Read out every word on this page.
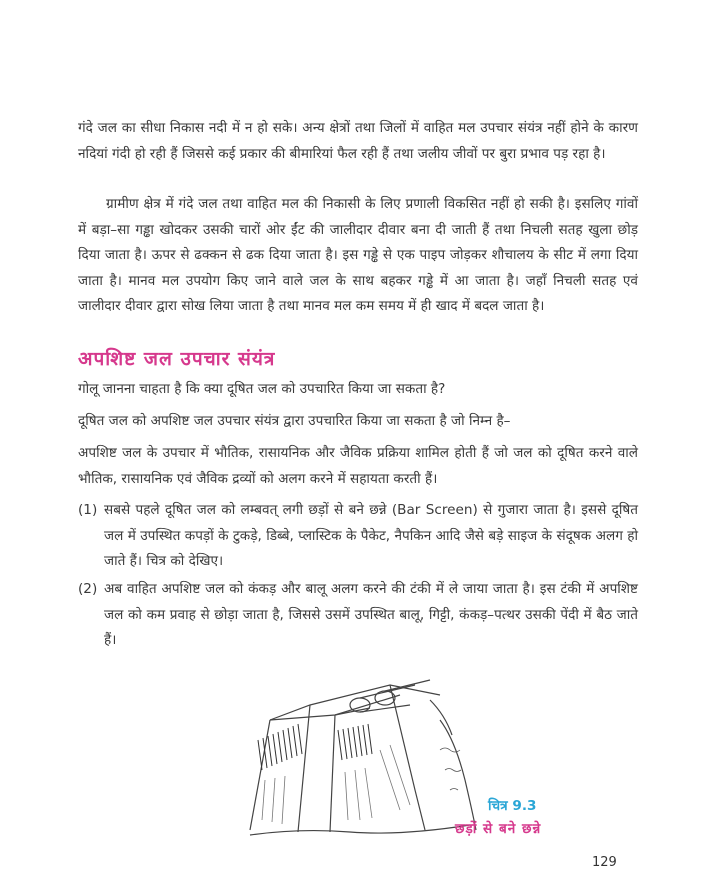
गंदे जल का सीधा निकास नदी में न हो सके। अन्य क्षेत्रों तथा जिलों में वाहित मल उपचार संयंत्र नहीं होने के कारण नदियां गंदी हो रही हैं जिससे कई प्रकार की बीमारियां फैल रही हैं तथा जलीय जीवों पर बुरा प्रभाव पड़ रहा है।
ग्रामीण क्षेत्र में गंदे जल तथा वाहित मल की निकासी के लिए प्रणाली विकसित नहीं हो सकी है। इसलिए गांवों में बड़ा–सा गड्ढा खोदकर उसकी चारों ओर ईंट की जालीदार दीवार बना दी जाती हैं तथा निचली सतह खुला छोड़ दिया जाता है। ऊपर से ढक्कन से ढक दिया जाता है। इस गड्ढे से एक पाइप जोड़कर शौचालय के सीट में लगा दिया जाता है। मानव मल उपयोग किए जाने वाले जल के साथ बहकर गड्ढे में आ जाता है। जहाँ निचली सतह एवं जालीदार दीवार द्वारा सोख लिया जाता है तथा मानव मल कम समय में ही खाद में बदल जाता है।
अपशिष्ट जल उपचार संयंत्र
गोलू जानना चाहता है कि क्या दूषित जल को उपचारित किया जा सकता है?
दूषित जल को अपशिष्ट जल उपचार संयंत्र द्वारा उपचारित किया जा सकता है जो निम्न है–
अपशिष्ट जल के उपचार में भौतिक, रासायनिक और जैविक प्रक्रिया शामिल होती हैं जो जल को दूषित करने वाले भौतिक, रासायनिक एवं जैविक द्रव्यों को अलग करने में सहायता करती हैं।
(1) सबसे पहले दूषित जल को लम्बवत् लगी छड़ों से बने छन्ने (Bar Screen) से गुजारा जाता है। इससे दूषित जल में उपस्थित कपड़ों के टुकड़े, डिब्बे, प्लास्टिक के पैकेट, नैपकिन आदि जैसे बड़े साइज के संदूषक अलग हो जाते हैं। चित्र को देखिए।
(2) अब वाहित अपशिष्ट जल को कंकड़ और बालू अलग करने की टंकी में ले जाया जाता है। इस टंकी में अपशिष्ट जल को कम प्रवाह से छोड़ा जाता है, जिससे उसमें उपस्थित बालू, गिट्टी, कंकड़–पत्थर उसकी पेंदी में बैठ जाते हैं।
चित्र 9.3
छड़ों से बने छन्ने
129
